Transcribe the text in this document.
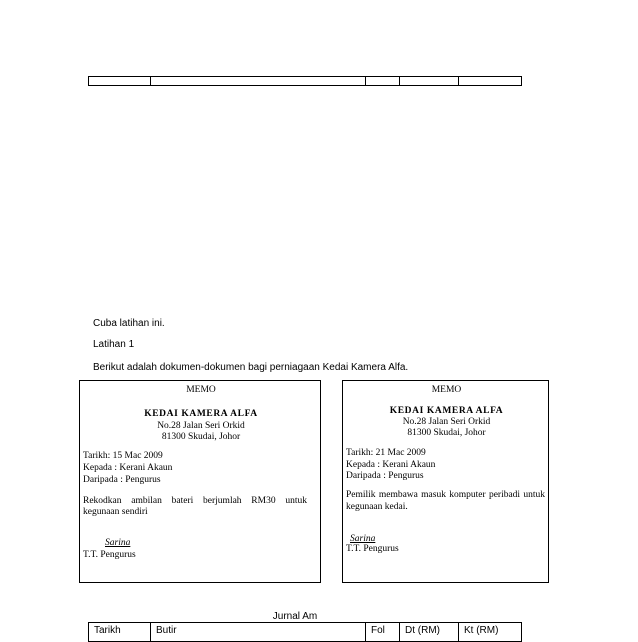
Cuba latihan ini.
Latihan 1
Berikut adalah dokumen-dokumen bagi perniagaan Kedai Kamera Alfa.
MEMO
KEDAI KAMERA ALFA
No.28 Jalan Seri Orkid
81300 Skudai, Johor
Tarikh: 15 Mac 2009
Kepada : Kerani Akaun
Daripada : Pengurus
Rekodkan ambilan bateri berjumlah RM30 untuk
kegunaan sendiri
Sarina
T.T. Pengurus
MEMO
KEDAI KAMERA ALFA
No.28 Jalan Seri Orkid
81300 Skudai, Johor
Tarikh: 21 Mac 2009
Kepada : Kerani Akaun
Daripada : Pengurus
Pemilik membawa masuk komputer peribadi untuk
kegunaan kedai.
Sarina
T.T. Pengurus
Jurnal Am
Tarikh	Butir	Fol	Dt (RM)	Kt (RM)
